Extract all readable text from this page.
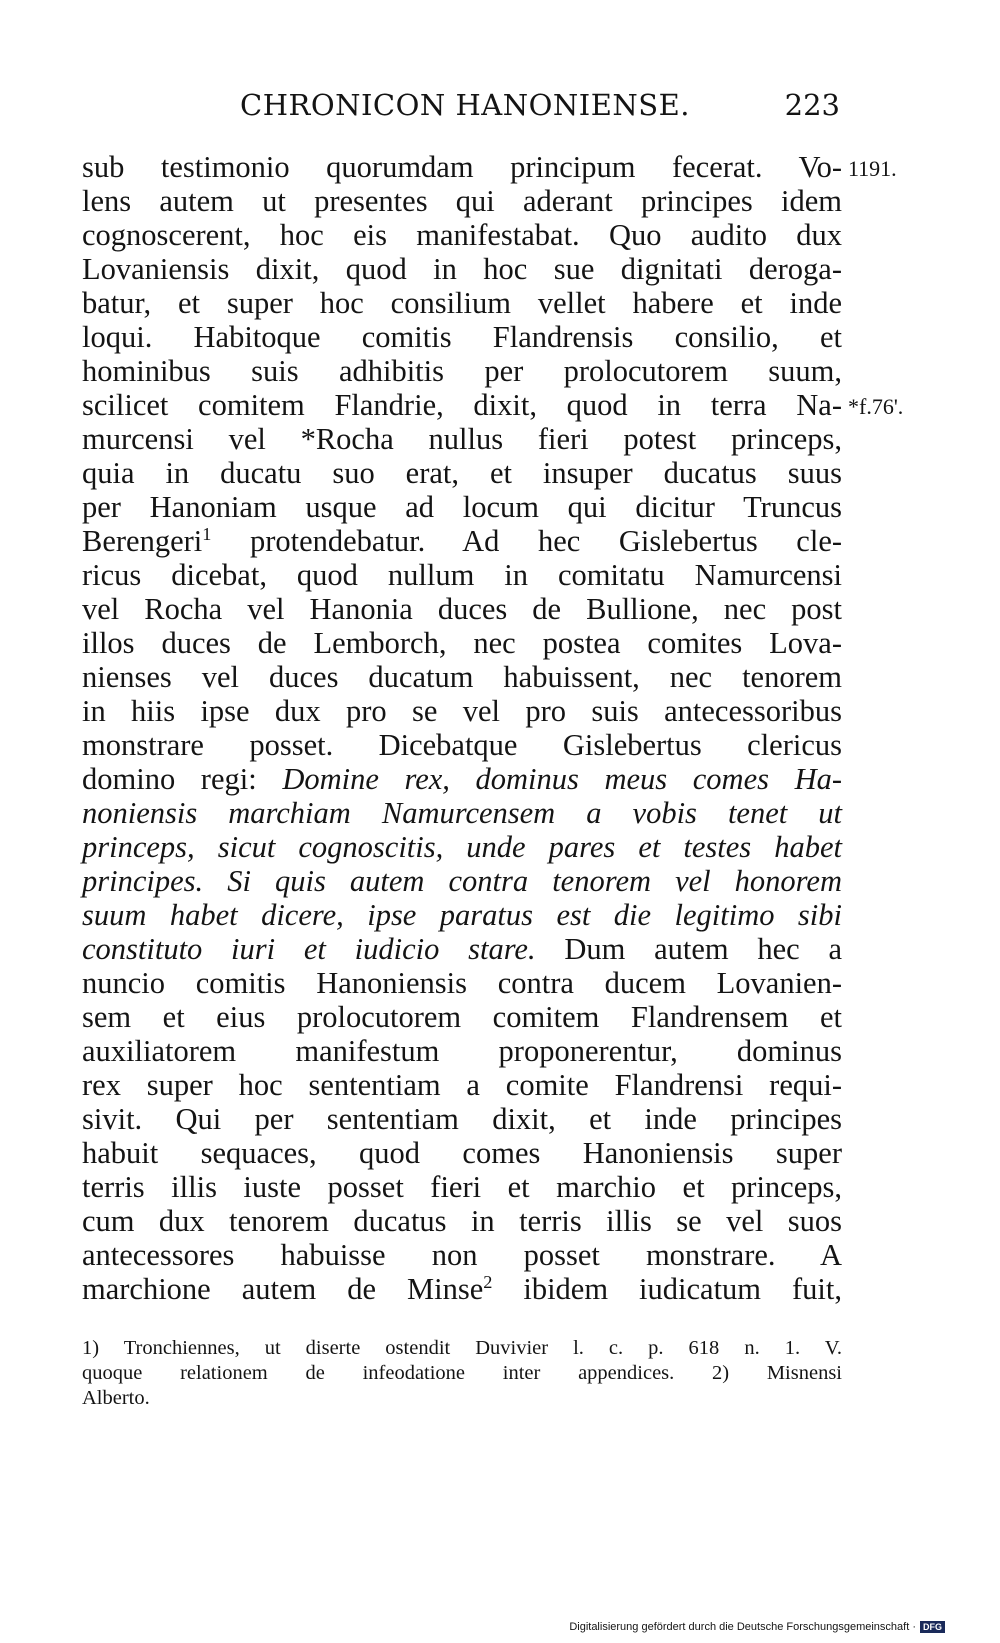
CHRONICON HANONIENSE.	223
1191.
*f.76'.
sub testimonio quorumdam principum fecerat. Vo-
lens autem ut presentes qui aderant principes idem
cognoscerent, hoc eis manifestabat. Quo audito dux
Lovaniensis dixit, quod in hoc sue dignitati deroga-
batur, et super hoc consilium vellet habere et inde
loqui. Habitoque comitis Flandrensis consilio, et
hominibus suis adhibitis per prolocutorem suum,
scilicet comitem Flandrie, dixit, quod in terra Na-
murcensi vel *Rocha nullus fieri potest princeps,
quia in ducatu suo erat, et insuper ducatus suus
per Hanoniam usque ad locum qui dicitur Truncus
Berengeri$^1$ protendebatur. Ad hec Gislebertus cle-
ricus dicebat, quod nullum in comitatu Namurcensi
vel Rocha vel Hanonia duces de Bullione, nec post
illos duces de Lemborch, nec postea comites Lova-
nienses vel duces ducatum habuissent, nec tenorem
in hiis ipse dux pro se vel pro suis antecessoribus
monstrare posset. Dicebatque Gislebertus clericus
domino regi: Domine rex, dominus meus comes Ha-
noniensis marchiam Namurcensem a vobis tenet ut
princeps, sicut cognoscitis, unde pares et testes habet
principes. Si quis autem contra tenorem vel honorem
suum habet dicere, ipse paratus est die legitimo sibi
constituto iuri et iudicio stare. Dum autem hec a
nuncio comitis Hanoniensis contra ducem Lovanien-
sem et eius prolocutorem comitem Flandrensem et
auxiliatorem manifestum proponerentur, dominus
rex super hoc sententiam a comite Flandrensi requi-
sivit. Qui per sententiam dixit, et inde principes
habuit sequaces, quod comes Hanoniensis super
terris illis iuste posset fieri et marchio et princeps,
cum dux tenorem ducatus in terris illis se vel suos
antecessores habuisse non posset monstrare. A
marchione autem de Minse$^2$ ibidem iudicatum fuit,
1) Tronchiennes, ut diserte ostendit Duvivier l. c. p. 618 n. 1. V.
quoque relationem de infeodatione inter appendices. 2) Misnensi
Alberto.
Digitalisierung gefördert durch die Deutsche Forschungsgemeinschaft · DFG
